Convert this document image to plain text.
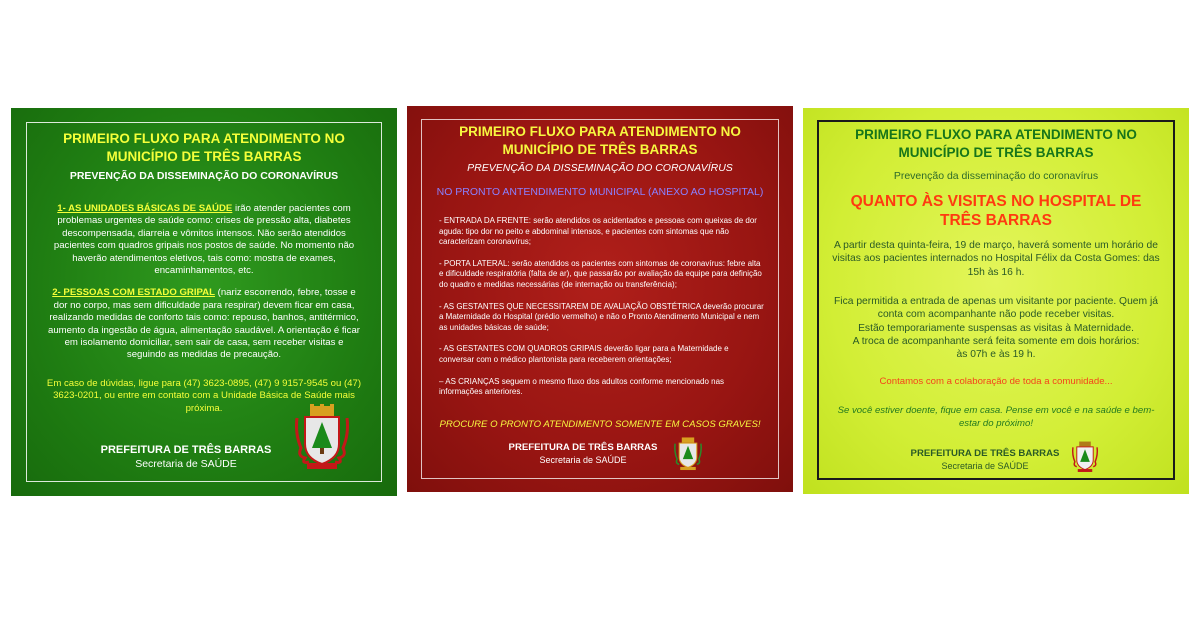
PRIMEIRO FLUXO PARA ATENDIMENTO NO
MUNICÍPIO DE TRÊS BARRAS
PREVENÇÃO DA DISSEMINAÇÃO DO CORONAVÍRUS
1- AS UNIDADES BÁSICAS DE SAÚDE irão atender pacientes com problemas urgentes de saúde como: crises de pressão alta, diabetes descompensada, diarreia e vômitos intensos. Não serão atendidos pacientes com quadros gripais nos postos de saúde. No momento não haverão atendimentos eletivos, tais como: mostra de exames, encaminhamentos, etc.
2- PESSOAS COM ESTADO GRIPAL (nariz escorrendo, febre, tosse e dor no corpo, mas sem dificuldade para respirar) devem ficar em casa, realizando medidas de conforto tais como: repouso, banhos, antitérmico, aumento da ingestão de água, alimentação saudável. A orientação é ficar em isolamento domiciliar, sem sair de casa, sem receber visitas e seguindo as medidas de precaução.
Em caso de dúvidas, ligue para (47) 3623-0895, (47) 9 9157-9545 ou (47) 3623-0201, ou entre em contato com a Unidade Básica de Saúde mais próxima.
PREFEITURA DE TRÊS BARRAS
Secretaria de SAÚDE
PRIMEIRO FLUXO PARA ATENDIMENTO NO
MUNICÍPIO DE TRÊS BARRAS
PREVENÇÃO DA DISSEMINAÇÃO DO CORONAVÍRUS
NO PRONTO ANTENDIMENTO MUNICIPAL (ANEXO AO HOSPITAL)

- ENTRADA DA FRENTE: serão atendidos os acidentados e pessoas com queixas de dor aguda: tipo dor no peito e abdominal intensos, e pacientes com sintomas que não caracterizam coronavírus;

- PORTA LATERAL: serão atendidos os pacientes com sintomas de coronavírus: febre alta e dificuldade respiratória (falta de ar), que passarão por avaliação da equipe para definição do quadro e medidas necessárias (de internação ou transferência);

- AS GESTANTES QUE NECESSITAREM DE AVALIAÇÃO OBSTÉTRICA deverão procurar a Maternidade do Hospital (prédio vermelho) e não o Pronto Atendimento Municipal e nem as unidades básicas de saúde;

- AS GESTANTES COM QUADROS GRIPAIS deverão ligar para a Maternidade e conversar com o médico plantonista para receberem orientações;

– AS CRIANÇAS seguem o mesmo fluxo dos adultos conforme mencionado nas informações anteriores.

PROCURE O PRONTO ATENDIMENTO SOMENTE EM CASOS GRAVES!
PREFEITURA DE TRÊS BARRAS
Secretaria de SAÚDE
PRIMEIRO FLUXO PARA ATENDIMENTO NO
MUNICÍPIO DE TRÊS BARRAS
Prevenção da disseminação do coronavírus
QUANTO ÀS VISITAS NO HOSPITAL DE
TRÊS BARRAS
A partir desta quinta-feira, 19 de março, haverá somente um horário de visitas aos pacientes internados no Hospital Félix da Costa Gomes: das 15h às 16 h.
Fica permitida a entrada de apenas um visitante por paciente. Quem já conta com acompanhante não pode receber visitas.
Estão temporariamente suspensas as visitas à Maternidade.
A troca de acompanhante será feita somente em dois horários:
às 07h e às 19 h.
Contamos com a colaboração de toda a comunidade...
Se você estiver doente, fique em casa. Pense em você e na saúde e bem-estar do próximo!
PREFEITURA DE TRÊS BARRAS
Secretaria de SAÚDE
